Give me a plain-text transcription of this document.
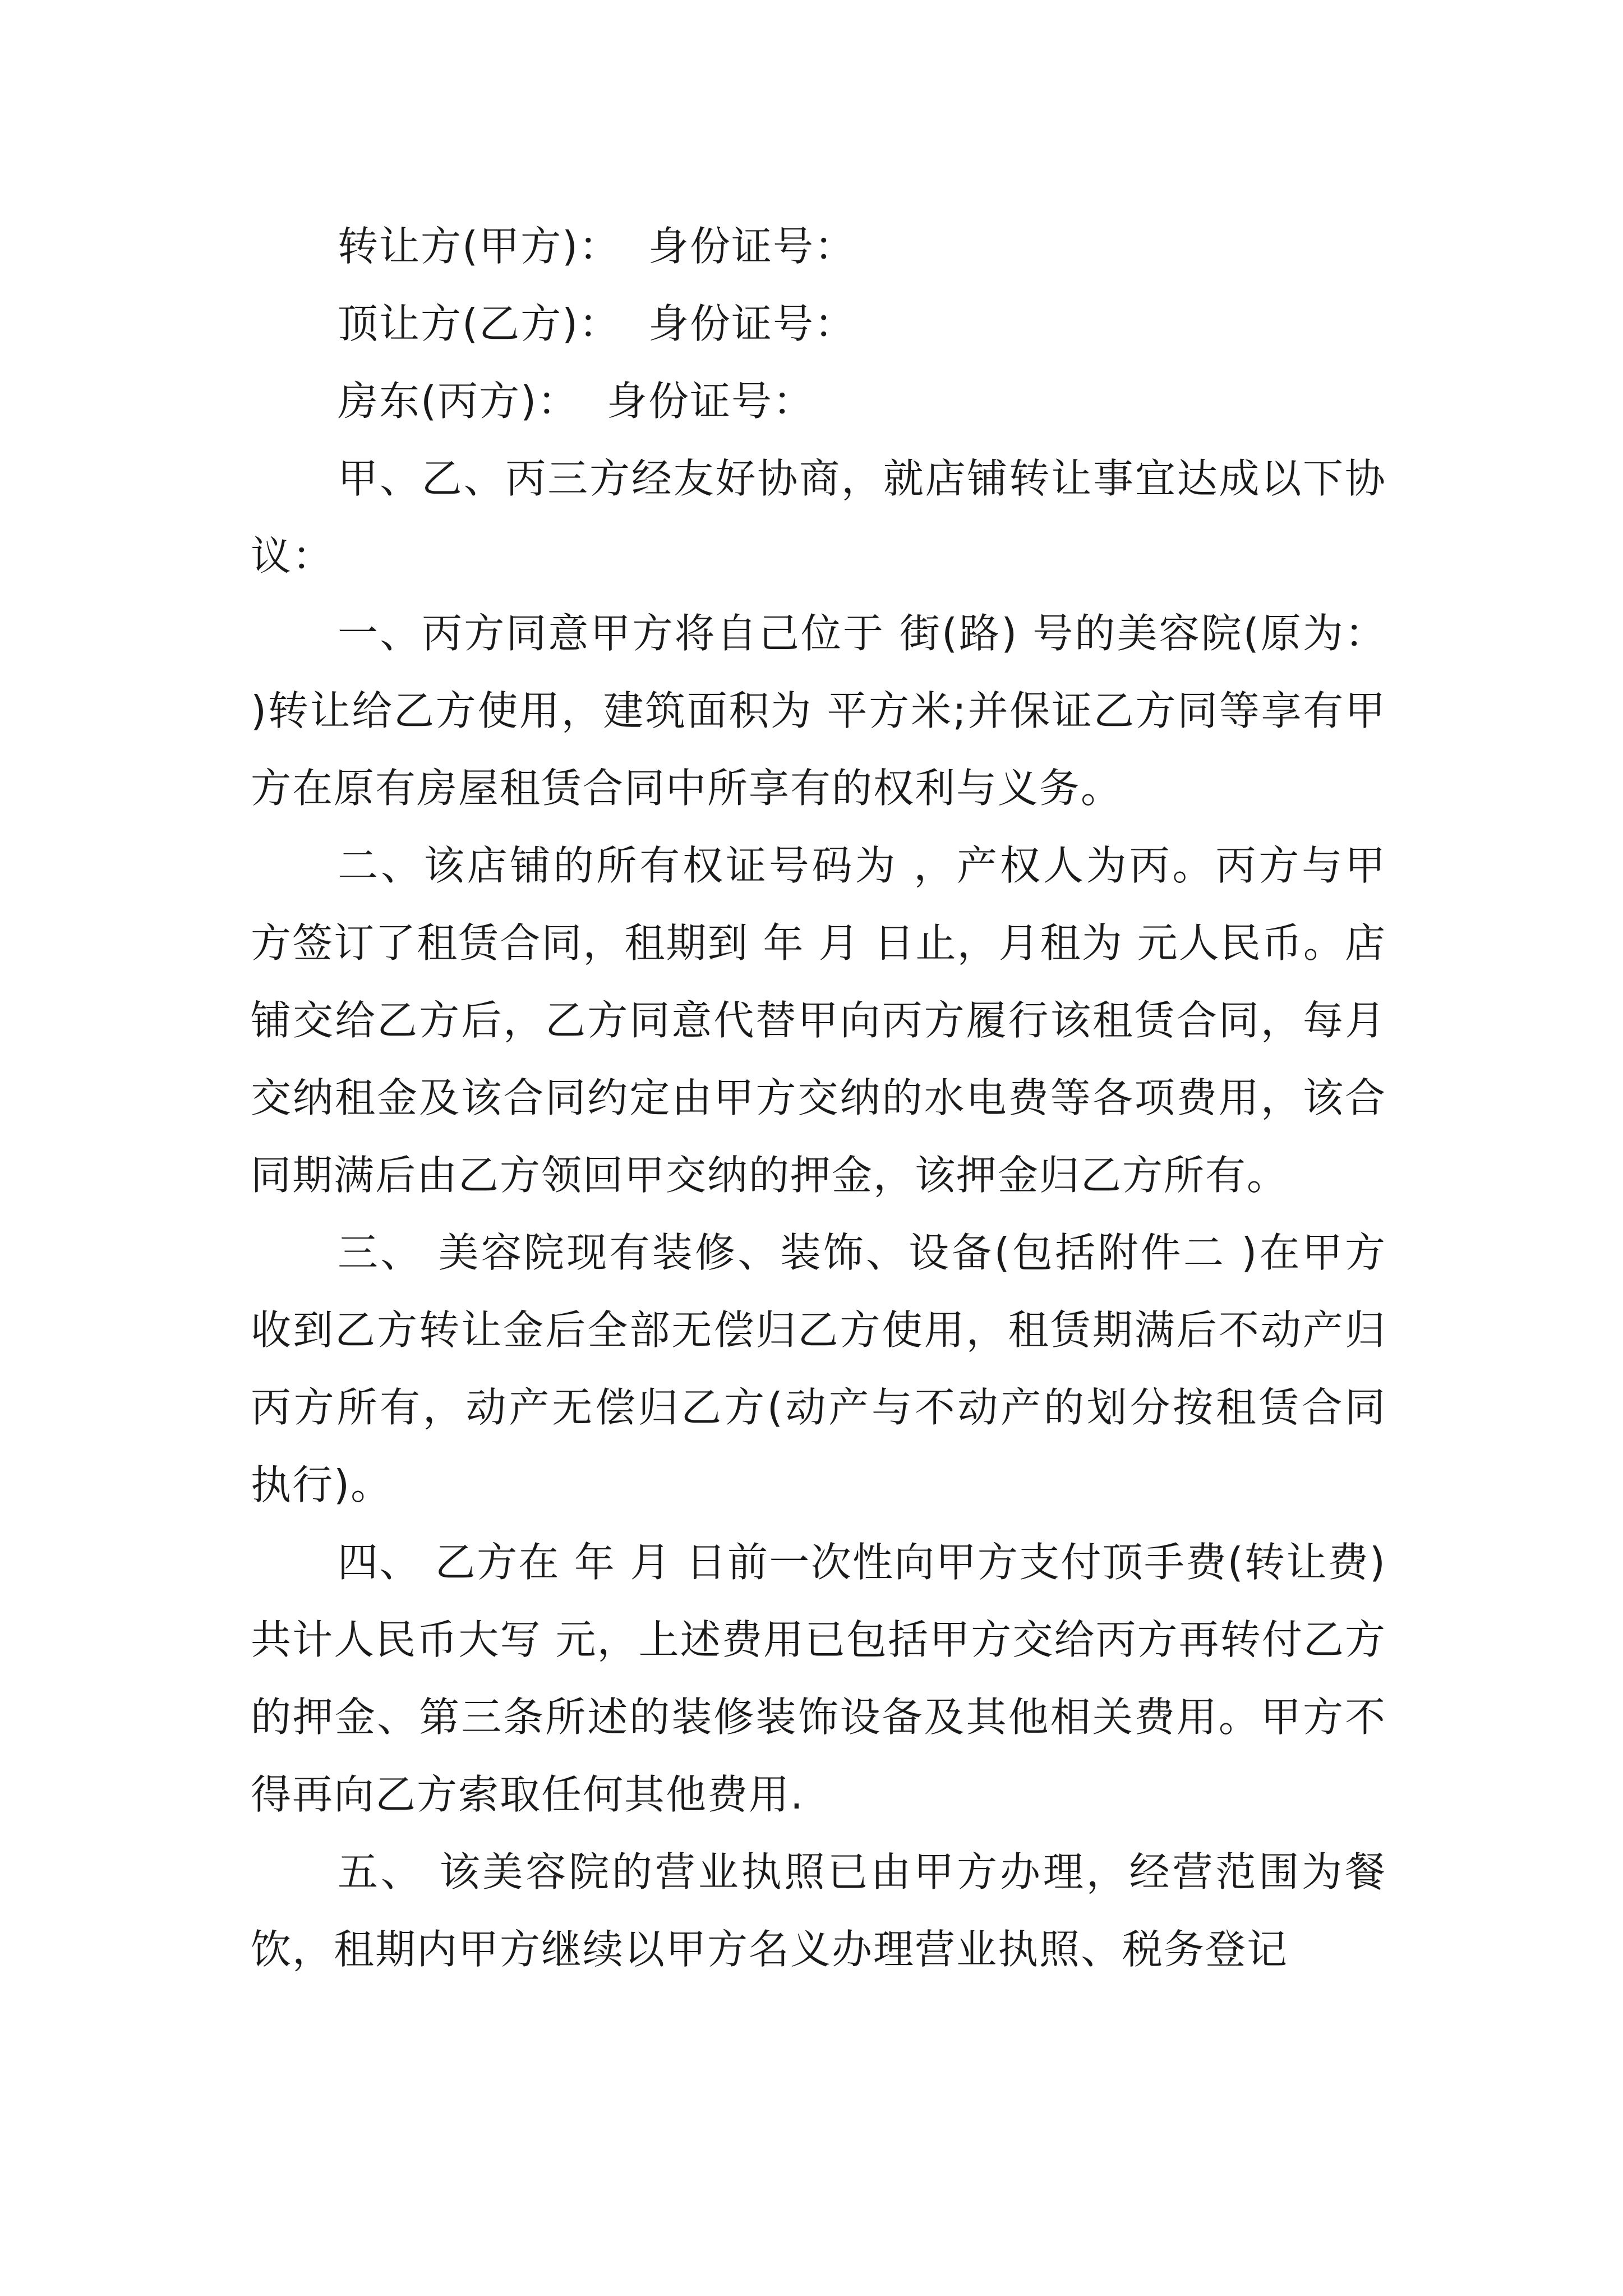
转让方(甲方)：  身份证号：
顶让方(乙方)：  身份证号：
房东(丙方)：  身份证号：

甲、乙、丙三方经友好协商，就店铺转让事宜达成以下协议：

一、丙方同意甲方将自己位于 街(路) 号的美容院(原为： )转让给乙方使用，建筑面积为 平方米;并保证乙方同等享有甲方在原有房屋租赁合同中所享有的权利与义务。

二、该店铺的所有权证号码为 ，产权人为丙。丙方与甲方签订了租赁合同，租期到 年 月 日止，月租为 元人民币。店铺交给乙方后，乙方同意代替甲向丙方履行该租赁合同，每月交纳租金及该合同约定由甲方交纳的水电费等各项费用，该合同期满后由乙方领回甲交纳的押金，该押金归乙方所有。

三、 美容院现有装修、装饰、设备(包括附件二 )在甲方收到乙方转让金后全部无偿归乙方使用，租赁期满后不动产归丙方所有，动产无偿归乙方(动产与不动产的划分按租赁合同执行)。

四、 乙方在 年 月 日前一次性向甲方支付顶手费(转让费)共计人民币大写 元，上述费用已包括甲方交给丙方再转付乙方的押金、第三条所述的装修装饰设备及其他相关费用。甲方不得再向乙方索取任何其他费用.

五、 该美容院的营业执照已由甲方办理，经营范围为餐饮，租期内甲方继续以甲方名义办理营业执照、税务登记
